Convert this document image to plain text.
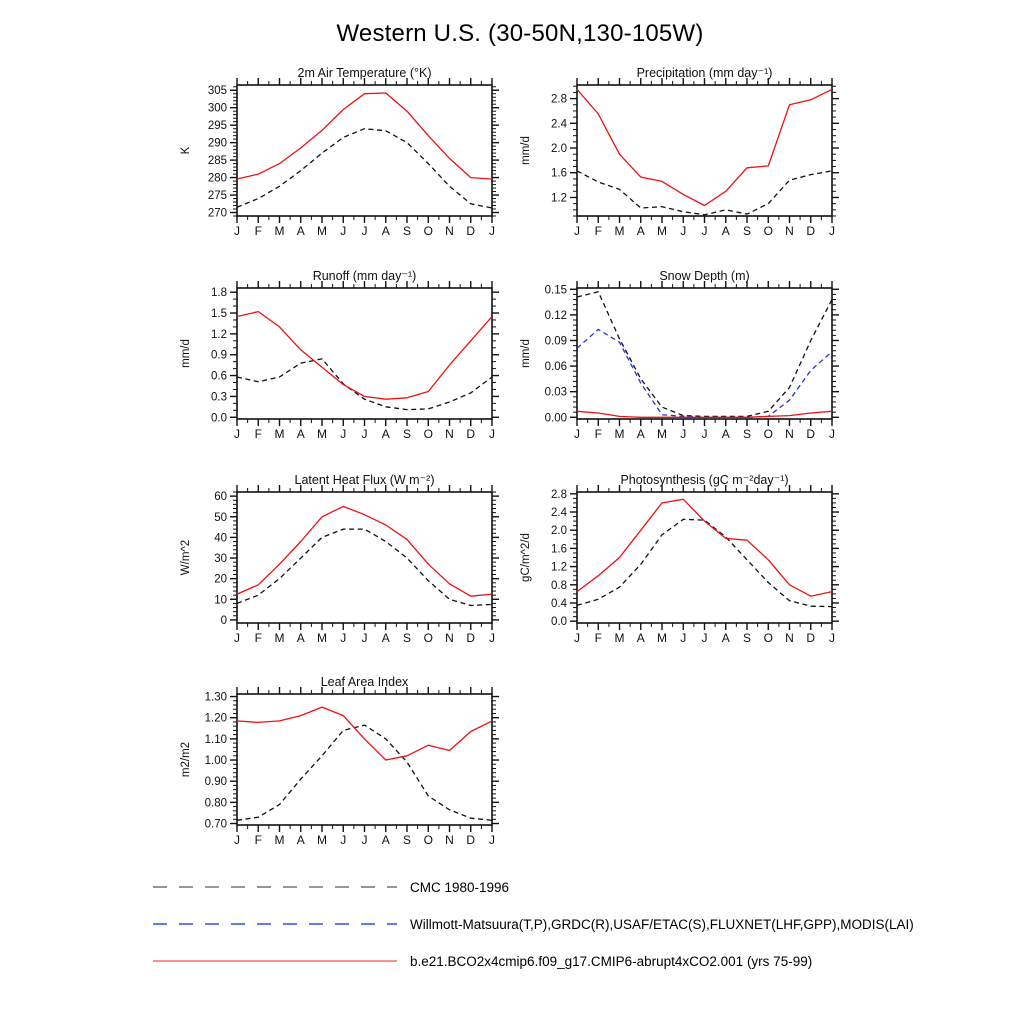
Western U.S. (30-50N,130-105W)
2m Air Temperature (°K)
K
270
275
280
285
290
295
300
305
J F M A M J J A S O N D J
Precipitation (mm day⁻¹)
mm/d
1.2
1.6
2.0
2.4
2.8
J F M A M J J A S O N D J
Runoff (mm day⁻¹)
mm/d
0.0
0.3
0.6
0.9
1.2
1.5
1.8
J F M A M J J A S O N D J
Snow Depth (m)
mm/d
0.00
0.03
0.06
0.09
0.12
0.15
J F M A M J J A S O N D J
Latent Heat Flux (W m⁻²)
W/m^2
0
10
20
30
40
50
60
J F M A M J J A S O N D J
Photosynthesis (gC m⁻²day⁻¹)
gC/m^2/d
0.0
0.4
0.8
1.2
1.6
2.0
2.4
2.8
J F M A M J J A S O N D J
Leaf Area Index
m2/m2
0.70
0.80
0.90
1.00
1.10
1.20
1.30
J F M A M J J A S O N D J
CMC 1980-1996
Willmott-Matsuura(T,P),GRDC(R),USAF/ETAC(S),FLUXNET(LHF,GPP),MODIS(LAI)
b.e21.BCO2x4cmip6.f09_g17.CMIP6-abrupt4xCO2.001 (yrs 75-99)
